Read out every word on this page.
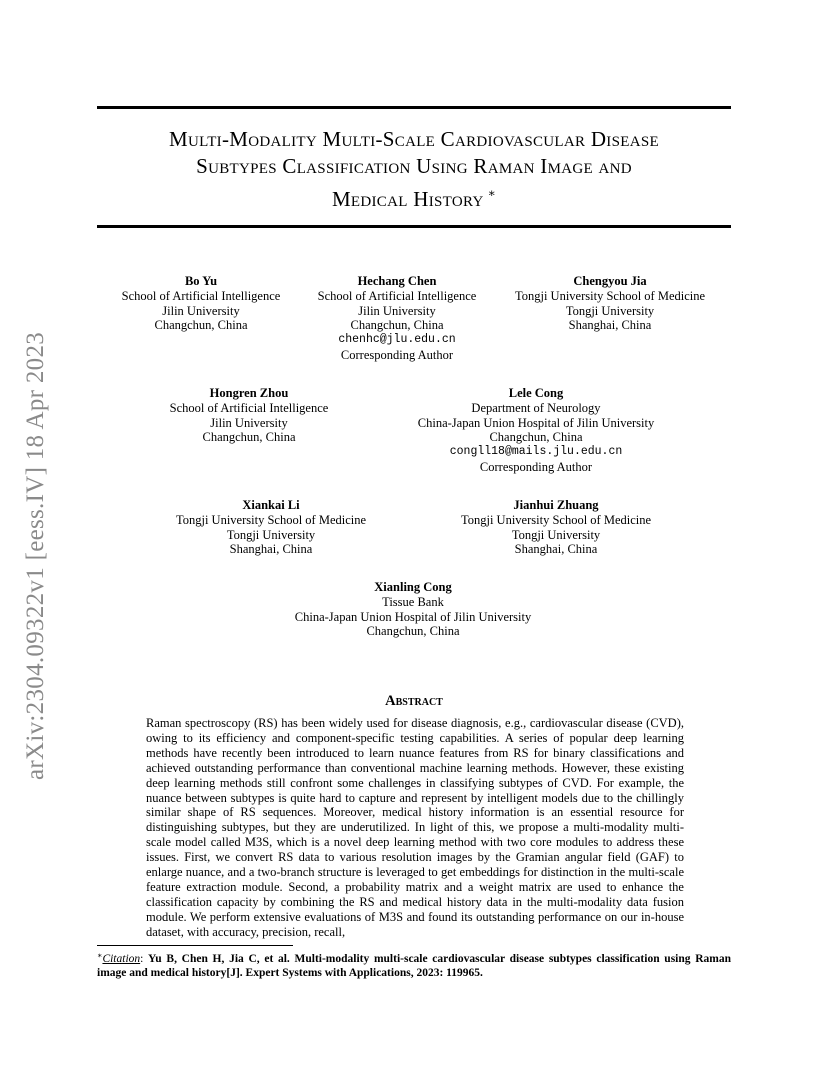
arXiv:2304.09322v1 [eess.IV] 18 Apr 2023
Multi-Modality Multi-Scale Cardiovascular Disease
Subtypes Classification Using Raman Image and
Medical History ∗
Bo Yu
School of Artificial Intelligence
Jilin University
Changchun, China
Hechang Chen
School of Artificial Intelligence
Jilin University
Changchun, China
chenhc@jlu.edu.cn
Corresponding Author
Chengyou Jia
Tongji University School of Medicine
Tongji University
Shanghai, China
Hongren Zhou
School of Artificial Intelligence
Jilin University
Changchun, China
Lele Cong
Department of Neurology
China-Japan Union Hospital of Jilin University
Changchun, China
congll18@mails.jlu.edu.cn
Corresponding Author
Xiankai Li
Tongji University School of Medicine
Tongji University
Shanghai, China
Jianhui Zhuang
Tongji University School of Medicine
Tongji University
Shanghai, China
Xianling Cong
Tissue Bank
China-Japan Union Hospital of Jilin University
Changchun, China
Abstract
Raman spectroscopy (RS) has been widely used for disease diagnosis, e.g., cardiovascular disease (CVD), owing to its efficiency and component-specific testing capabilities. A series of popular deep learning methods have recently been introduced to learn nuance features from RS for binary classifications and achieved outstanding performance than conventional machine learning methods. However, these existing deep learning methods still confront some challenges in classifying subtypes of CVD. For example, the nuance between subtypes is quite hard to capture and represent by intelligent models due to the chillingly similar shape of RS sequences. Moreover, medical history information is an essential resource for distinguishing subtypes, but they are underutilized. In light of this, we propose a multi-modality multi-scale model called M3S, which is a novel deep learning method with two core modules to address these issues. First, we convert RS data to various resolution images by the Gramian angular field (GAF) to enlarge nuance, and a two-branch structure is leveraged to get embeddings for distinction in the multi-scale feature extraction module. Second, a probability matrix and a weight matrix are used to enhance the classification capacity by combining the RS and medical history data in the multi-modality data fusion module. We perform extensive evaluations of M3S and found its outstanding performance on our in-house dataset, with accuracy, precision, recall,
∗Citation: Yu B, Chen H, Jia C, et al. Multi-modality multi-scale cardiovascular disease subtypes classification using Raman image and medical history[J]. Expert Systems with Applications, 2023: 119965.
